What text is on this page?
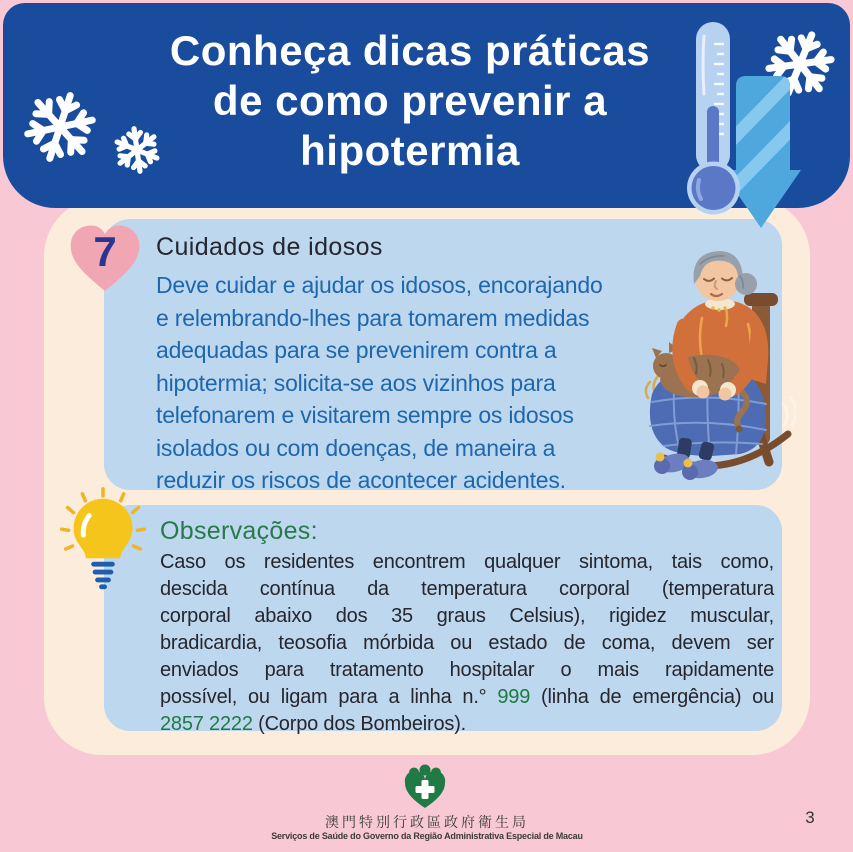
Conheça dicas práticas
de como prevenir a
hipotermia
Cuidados de idosos
Deve cuidar e ajudar os idosos, encorajando
e relembrando-lhes para tomarem medidas
adequadas para se prevenirem contra a
hipotermia; solicita-se aos vizinhos para
telefonarem e visitarem sempre os idosos
isolados ou com doenças, de maneira a
reduzir os riscos de acontecer acidentes.
7
Observações:
Caso os residentes encontrem qualquer sintoma, tais como,
descida contínua da temperatura corporal (temperatura
corporal abaixo dos 35 graus Celsius), rigidez muscular,
bradicardia, teosofia mórbida ou estado de coma, devem ser
enviados para tratamento hospitalar o mais rapidamente
possível, ou ligam para a linha n.° 999 (linha de emergência) ou
2857 2222 (Corpo dos Bombeiros).
澳門特別行政區政府衛生局
Serviços de Saúde do Governo da Região Administrativa Especial de Macau
3
